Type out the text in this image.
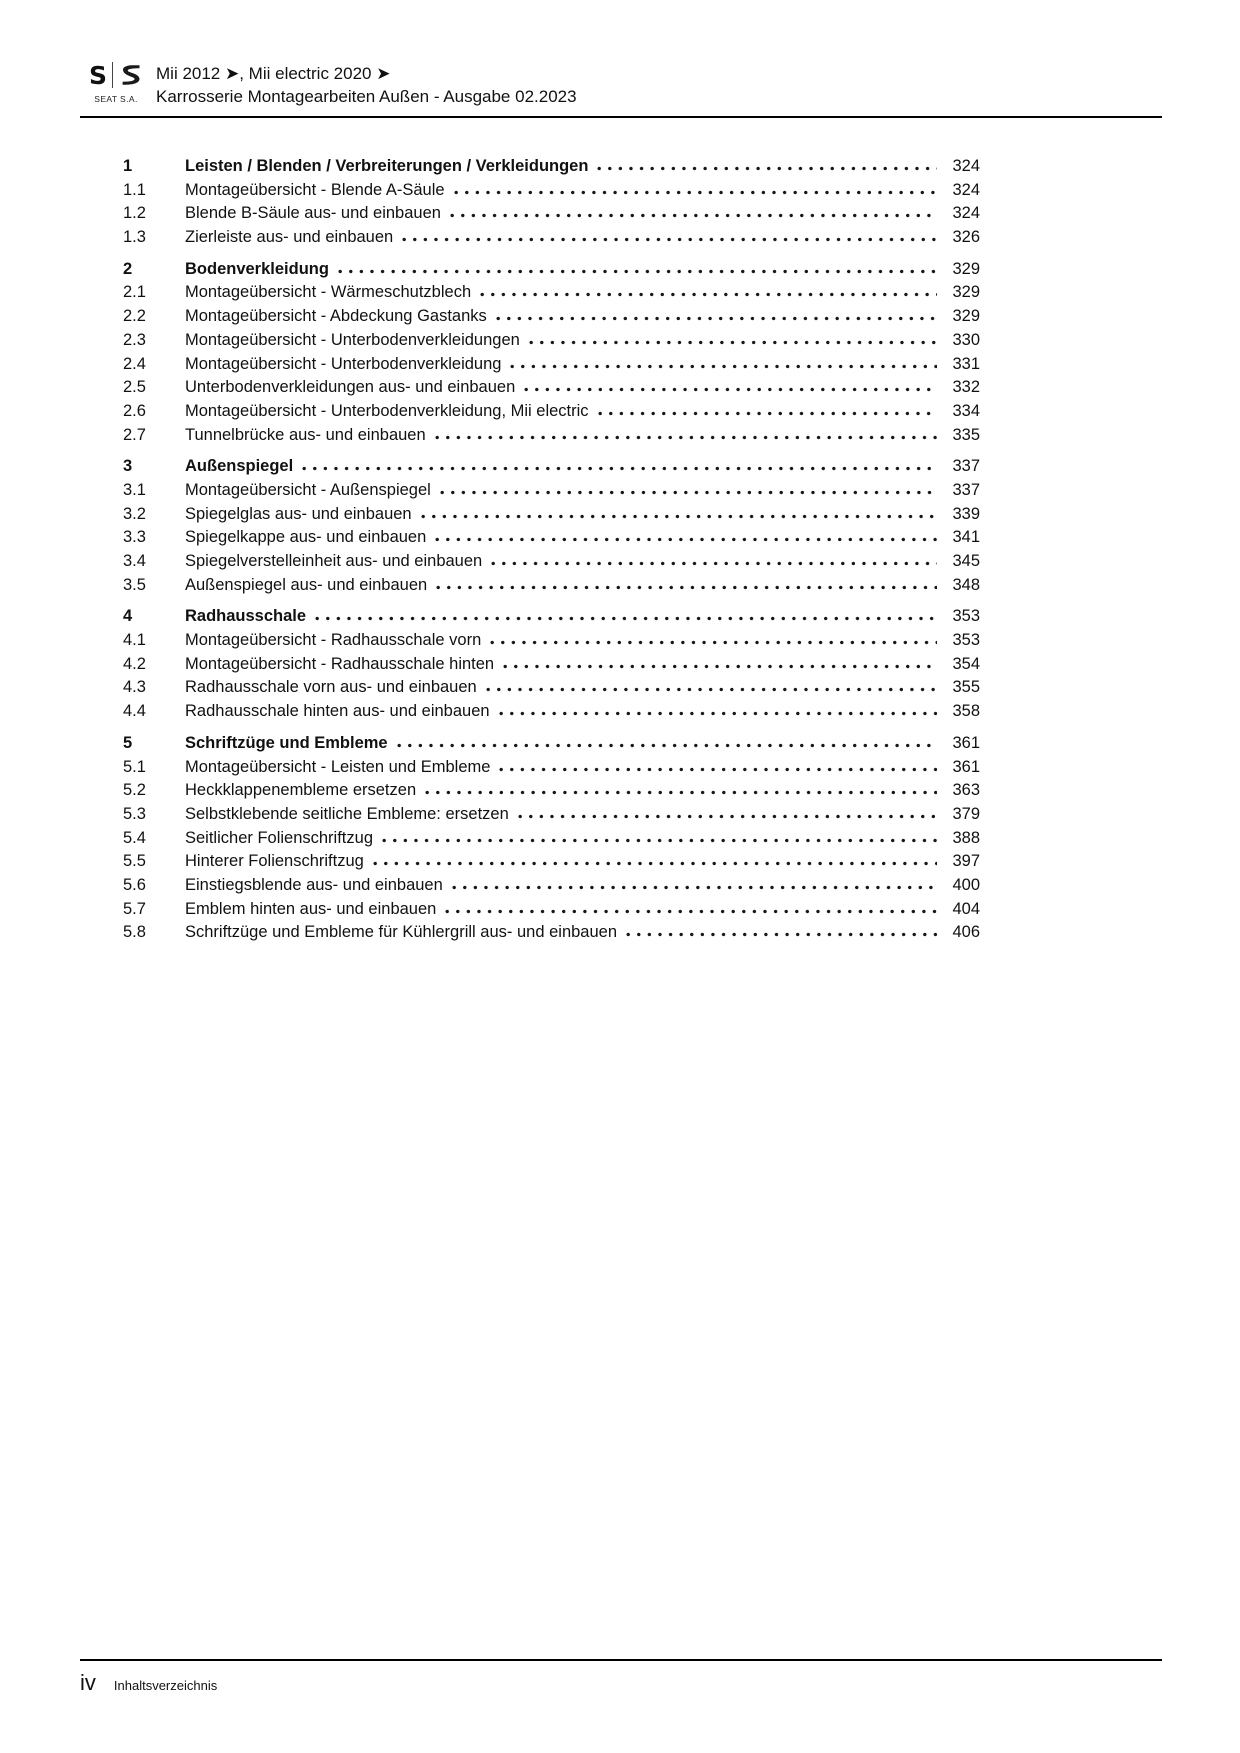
S
SEAT S.A.
Mii 2012 ➤, Mii electric 2020 ➤
Karrosserie Montagearbeiten Außen - Ausgabe 02.2023
1	Leisten / Blenden / Verbreiterungen / Verkleidungen	324
1.1	Montageübersicht - Blende A-Säule	324
1.2	Blende B-Säule aus- und einbauen	324
1.3	Zierleiste aus- und einbauen	326
2	Bodenverkleidung	329
2.1	Montageübersicht - Wärmeschutzblech	329
2.2	Montageübersicht - Abdeckung Gastanks	329
2.3	Montageübersicht - Unterbodenverkleidungen	330
2.4	Montageübersicht - Unterbodenverkleidung	331
2.5	Unterbodenverkleidungen aus- und einbauen	332
2.6	Montageübersicht - Unterbodenverkleidung, Mii electric	334
2.7	Tunnelbrücke aus- und einbauen	335
3	Außenspiegel	337
3.1	Montageübersicht - Außenspiegel	337
3.2	Spiegelglas aus- und einbauen	339
3.3	Spiegelkappe aus- und einbauen	341
3.4	Spiegelverstelleinheit aus- und einbauen	345
3.5	Außenspiegel aus- und einbauen	348
4	Radhausschale	353
4.1	Montageübersicht - Radhausschale vorn	353
4.2	Montageübersicht - Radhausschale hinten	354
4.3	Radhausschale vorn aus- und einbauen	355
4.4	Radhausschale hinten aus- und einbauen	358
5	Schriftzüge und Embleme	361
5.1	Montageübersicht - Leisten und Embleme	361
5.2	Heckklappenembleme ersetzen	363
5.3	Selbstklebende seitliche Embleme: ersetzen	379
5.4	Seitlicher Folienschriftzug	388
5.5	Hinterer Folienschriftzug	397
5.6	Einstiegsblende aus- und einbauen	400
5.7	Emblem hinten aus- und einbauen	404
5.8	Schriftzüge und Embleme für Kühlergrill aus- und einbauen	406
iv Inhaltsverzeichnis
